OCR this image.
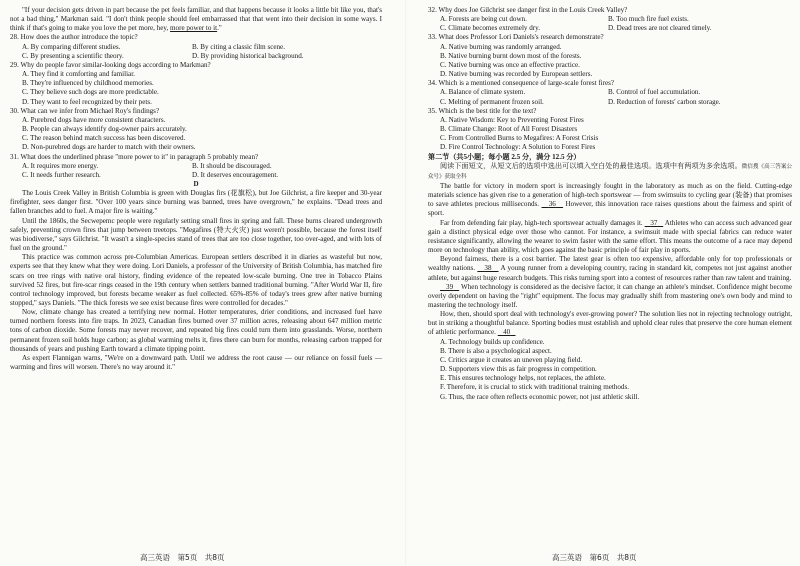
"If your decision gets driven in part because the pet feels familiar, and that happens because it looks a little bit like you, that's not a bad thing," Markman said. "I don't think people should feel embarrassed that that went into their decision in some ways. I think if that's going to make you love the pet more, hey, more power to it."

28. How does the author introduce the topic?

A. By comparing different studies.	B. By citing a classic film scene.
C. By presenting a scientific theory.	D. By providing historical background.

29. Why do people favor similar-looking dogs according to Markman?

A. They find it comforting and familiar.

B. They're influenced by childhood memories.

C. They believe such dogs are more predictable.

D. They want to feel recognized by their pets.

30. What can we infer from Michael Roy's findings?

A. Purebred dogs have more consistent characters.

B. People can always identify dog-owner pairs accurately.

C. The reason behind match success has been discovered.

D. Non-purebred dogs are harder to match with their owners.

31. What does the underlined phrase "more power to it" in paragraph 5 probably mean?

A. It requires more energy.	B. It should be discouraged.
C. It needs further research.	D. It deserves encouragement.

D

The Louis Creek Valley in British Columbia is green with Douglas firs (花旗松), but Joe Gilchrist, a fire keeper and 30-year firefighter, sees danger first. "Over 100 years since burning was banned, trees have overgrown," he explains. "Dead trees and fallen branches add to fuel. A major fire is waiting."

Until the 1860s, the Secwepemc people were regularly setting small fires in spring and fall. These burns cleared undergrowth safely, preventing crown fires that jump between treetops. "Megafires (特大火灾) just weren't possible, because the forest itself was biodiverse," says Gilchrist. "It wasn't a single-species stand of trees that are too close together, too over-aged, and with lots of fuel on the ground."

This practice was common across pre-Columbian Americas. European settlers described it in diaries as wasteful but now, experts see that they knew what they were doing. Lori Daniels, a professor of the University of British Columbia, has matched fire scars on tree rings with native oral history, finding evidence of the repeated low-scale burning. One tree in Tobacco Plains survived 52 fires, but fire-scar rings ceased in the 19th century when settlers banned traditional burning. "After World War II, fire control technology improved, but forests became weaker as fuel collected. 65%-85% of today's trees grew after native burning stopped," says Daniels. "The thick forests we see exist because fires were controlled for decades."

Now, climate change has created a terrifying new normal. Hotter temperatures, drier conditions, and increased fuel have turned northern forests into fire traps. In 2023, Canadian fires burned over 37 million acres, releasing about 647 million metric tons of carbon dioxide. Some forests may never recover, and repeated big fires could turn them into grasslands. Worse, northern permanent frozen soil holds huge carbon; as global warming melts it, fires there can burn for months, releasing carbon trapped for thousands of years and pushing Earth toward a climate tipping point.

As expert Flannigan warns, "We're on a downward path. Until we address the root cause — our reliance on fossil fuels — warming and fires will worsen. There's no way around it."

32. Why does Joe Gilchrist see danger first in the Louis Creek Valley?

A. Forests are being cut down.	B. Too much fire fuel exists.
C. Climate becomes extremely dry.	D. Dead trees are not cleared timely.

33. What does Professor Lori Daniels's research demonstrate?

A. Native burning was randomly arranged.

B. Native burning burnt down most of the forests.

C. Native burning was once an effective practice.

D. Native burning was recorded by European settlers.

34. Which is a mentioned consequence of large-scale forest fires?

A. Balance of climate system.	B. Control of fuel accumulation.
C. Melting of permanent frozen soil.	D. Reduction of forests' carbon storage.

35. Which is the best title for the text?

A. Native Wisdom: Key to Preventing Forest Fires

B. Climate Change: Root of All Forest Disasters

C. From Controlled Burns to Megafires: A Forest Crisis

D. Fire Control Technology: A Solution to Forest Fires

第二节（共5小题；每小题 2.5 分，满分 12.5 分）

阅读下面短文，从短文后的选项中选出可以填入空白处的最佳选项。选项中有两项为多余选项。微信搜《高三答案公众号》获取全科

The battle for victory in modern sport is increasingly fought in the laboratory as much as on the field. Cutting-edge materials science has given rise to a generation of high-tech sportswear — from swimsuits to cycling gear (装备) that promises to save athletes precious milliseconds. 36 However, this innovation race raises questions about the fairness and spirit of sport.

Far from defending fair play, high-tech sportswear actually damages it. 37 Athletes who can access such advanced gear gain a distinct physical edge over those who cannot. For instance, a swimsuit made with special fabrics can reduce water resistance significantly, allowing the wearer to swim faster with the same effort. This means the outcome of a race may depend more on technology than ability, which goes against the basic principle of fair play in sports.

Beyond fairness, there is a cost barrier. The latest gear is often too expensive, affordable only for top professionals or wealthy nations. 38 A young runner from a developing country, racing in standard kit, competes not just against another athlete, but against huge research budgets. This risks turning sport into a contest of resources rather than raw talent and training.

39 When technology is considered as the decisive factor, it can change an athlete's mindset. Confidence might become overly dependent on having the "right" equipment. The focus may gradually shift from mastering one's own body and mind to mastering the technology itself.

How, then, should sport deal with technology's ever-growing power? The solution lies not in rejecting technology outright, but in striking a thoughtful balance. Sporting bodies must establish and uphold clear rules that preserve the core human element of athletic performance. 40

A. Technology builds up confidence.

B. There is also a psychological aspect.

C. Critics argue it creates an uneven playing field.

D. Supporters view this as fair progress in competition.

E. This ensures technology helps, not replaces, the athlete.

F. Therefore, it is crucial to stick with traditional training methods.

G. Thus, the race often reflects economic power, not just athletic skill.

高三英语　第5页　共8页	高三英语　第6页　共8页
